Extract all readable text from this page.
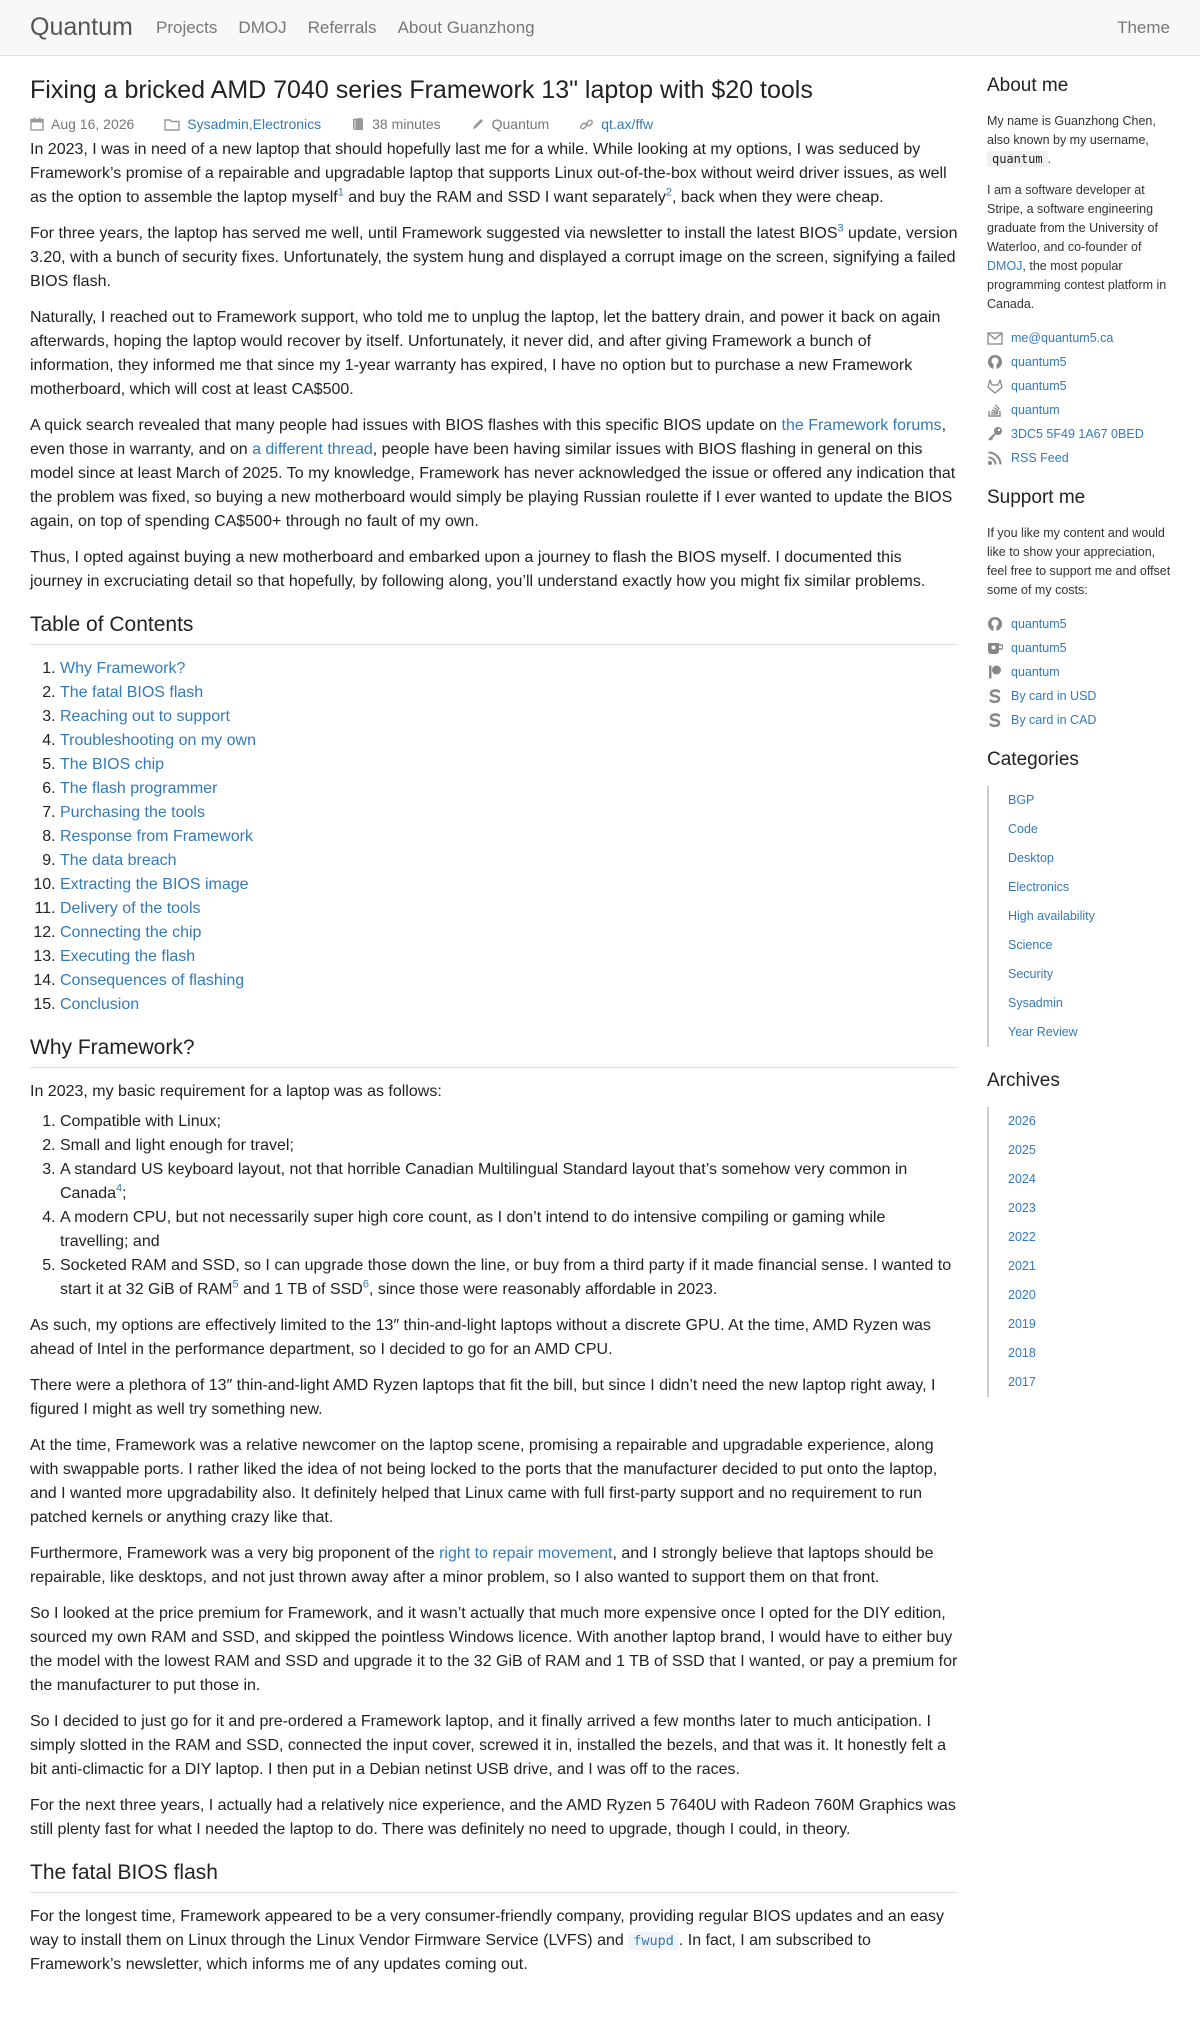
Quantum Projects DMOJ Referrals About Guanzhong	Theme
Fixing a bricked AMD 7040 series Framework 13" laptop with $20 tools
Aug 16, 2026	Sysadmin , Electronics	38 minutes	Quantum	qt.ax/ffw

In 2023, I was in need of a new laptop that should hopefully last me for a while. While looking at my options, I was seduced by Framework’s promise of a repairable and upgradable laptop that supports Linux out-of-the-box without weird driver issues, as well as the option to assemble the laptop myself$^1$ and buy the RAM and SSD I want separately$^2$, back when they were cheap.

For three years, the laptop has served me well, until Framework suggested via newsletter to install the latest BIOS$^3$ update, version 3.20, with a bunch of security fixes. Unfortunately, the system hung and displayed a corrupt image on the screen, signifying a failed BIOS flash.

Naturally, I reached out to Framework support, who told me to unplug the laptop, let the battery drain, and power it back on again afterwards, hoping the laptop would recover by itself. Unfortunately, it never did, and after giving Framework a bunch of information, they informed me that since my 1-year warranty has expired, I have no option but to purchase a new Framework motherboard, which will cost at least CA$500.

A quick search revealed that many people had issues with BIOS flashes with this specific BIOS update on the Framework forums, even those in warranty, and on a different thread, people have been having similar issues with BIOS flashing in general on this model since at least March of 2025. To my knowledge, Framework has never acknowledged the issue or offered any indication that the problem was fixed, so buying a new motherboard would simply be playing Russian roulette if I ever wanted to update the BIOS again, on top of spending CA$500+ through no fault of my own.

Thus, I opted against buying a new motherboard and embarked upon a journey to flash the BIOS myself. I documented this journey in excruciating detail so that hopefully, by following along, you’ll understand exactly how you might fix similar problems.

Table of Contents
1. Why Framework?
2. The fatal BIOS flash
3. Reaching out to support
4. Troubleshooting on my own
5. The BIOS chip
6. The flash programmer
7. Purchasing the tools
8. Response from Framework
9. The data breach
10. Extracting the BIOS image
11. Delivery of the tools
12. Connecting the chip
13. Executing the flash
14. Consequences of flashing
15. Conclusion
Why Framework?

In 2023, my basic requirement for a laptop was as follows:

1. Compatible with Linux;
2. Small and light enough for travel;
3. A standard US keyboard layout, not that horrible Canadian Multilingual Standard layout that’s somehow very common in Canada$^4$;
4. A modern CPU, but not necessarily super high core count, as I don’t intend to do intensive compiling or gaming while travelling; and
5. Socketed RAM and SSD, so I can upgrade those down the line, or buy from a third party if it made financial sense. I wanted to start it at 32 GiB of RAM$^5$ and 1 TB of SSD$^6$, since those were reasonably affordable in 2023.

As such, my options are effectively limited to the 13″ thin-and-light laptops without a discrete GPU. At the time, AMD Ryzen was ahead of Intel in the performance department, so I decided to go for an AMD CPU.

There were a plethora of 13″ thin-and-light AMD Ryzen laptops that fit the bill, but since I didn’t need the new laptop right away, I figured I might as well try something new.

At the time, Framework was a relative newcomer on the laptop scene, promising a repairable and upgradable experience, along with swappable ports. I rather liked the idea of not being locked to the ports that the manufacturer decided to put onto the laptop, and I wanted more upgradability also. It definitely helped that Linux came with full first-party support and no requirement to run patched kernels or anything crazy like that.

Furthermore, Framework was a very big proponent of the right to repair movement, and I strongly believe that laptops should be repairable, like desktops, and not just thrown away after a minor problem, so I also wanted to support them on that front.

So I looked at the price premium for Framework, and it wasn’t actually that much more expensive once I opted for the DIY edition, sourced my own RAM and SSD, and skipped the pointless Windows licence. With another laptop brand, I would have to either buy the model with the lowest RAM and SSD and upgrade it to the 32 GiB of RAM and 1 TB of SSD that I wanted, or pay a premium for the manufacturer to put those in.

So I decided to just go for it and pre-ordered a Framework laptop, and it finally arrived a few months later to much anticipation. I simply slotted in the RAM and SSD, connected the input cover, screwed it in, installed the bezels, and that was it. It honestly felt a bit anti-climactic for a DIY laptop. I then put in a Debian netinst USB drive, and I was off to the races.

For the next three years, I actually had a relatively nice experience, and the AMD Ryzen 5 7640U with Radeon 760M Graphics was still plenty fast for what I needed the laptop to do. There was definitely no need to upgrade, though I could, in theory.

The fatal BIOS flash

For the longest time, Framework appeared to be a very consumer-friendly company, providing regular BIOS updates and an easy way to install them on Linux through the Linux Vendor Firmware Service (LVFS) and fwupd . In fact, I am subscribed to Framework’s newsletter, which informs me of any updates coming out.

About me

My name is Guanzhong Chen, also known by my username, quantum .

I am a software developer at Stripe, a software engineering graduate from the University of Waterloo, and co-founder of DMOJ, the most popular programming contest platform in Canada.

me@quantum5.ca
quantum5
quantum5
quantum
3DC5 5F49 1A67 0BED
RSS Feed
Support me

If you like my content and would like to show your appreciation, feel free to support me and offset some of my costs:

quantum5
quantum5
quantum
By card in USD
By card in CAD
Categories
BGP
Code
Desktop
Electronics
High availability
Science
Security
Sysadmin
Year Review
Archives
2026
2025
2024
2023
2022
2021
2020
2019
2018
2017
